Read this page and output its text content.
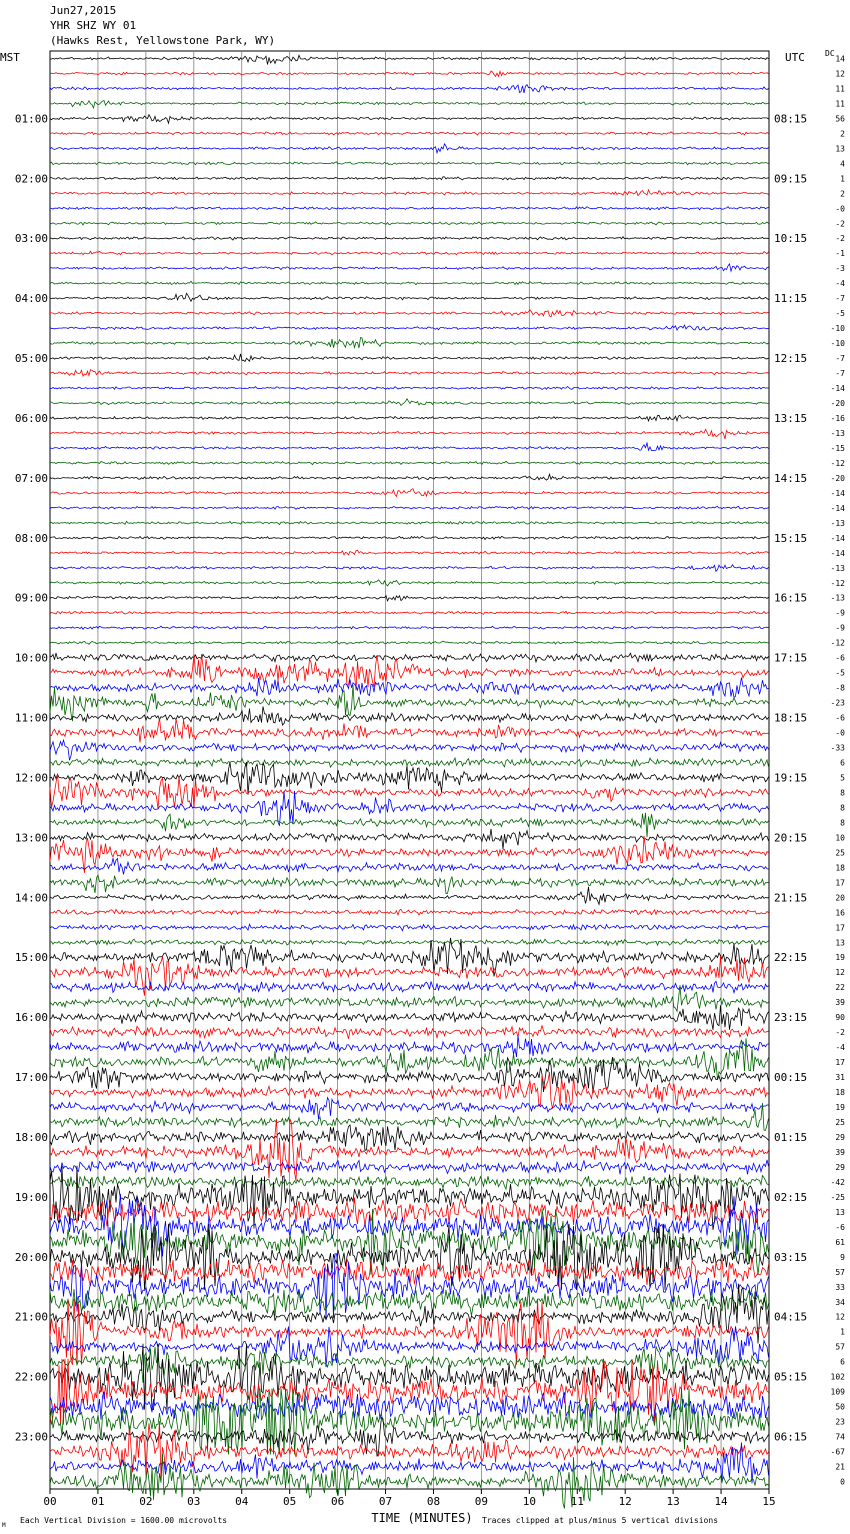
Jun27,2015
YHR SHZ WY 01
(Hawks Rest, Yellowstone Park, WY)
00	01	02	03	04	05	06	07	08	09	10	11	12	13	14	15
14
12
11
11
56
01:00	08:15
2
13
4
1
02:00	09:15
2
-0
-2
-2
03:00	10:15
-1
-3
-4
-7
04:00	11:15
-5
-10
-10
-7
05:00	12:15
-7
-14
-20
-16
06:00	13:15
-13
-15
-12
-20
07:00	14:15
-14
-14
-13
-14
08:00	15:15
-14
-13
-12
-13
09:00	16:15
-9
-9
-12
-6
10:00	17:15
-5
-8
-23
-6
11:00	18:15
-0
-33
6
5
12:00	19:15
8
8
8
10
13:00	20:15
25
18
17
20
14:00	21:15
16
17
13
19
15:00	22:15
12
22
39
90
16:00	23:15
-2
-4
17
31
17:00	00:15
18
19
25
29
18:00	01:15
39
29
-42
-25
19:00	02:15
13
-6
61
9
20:00	03:15
57
33
34
12
21:00	04:15
1
57
6
102
22:00	05:15
109
50
23
74
23:00	06:15
-67
21
0
MST	UTC	DC
TIME (MINUTES)
Each Vertical Division = 1600.00 microvolts	Traces clipped at plus/minus 5 vertical divisions
M
